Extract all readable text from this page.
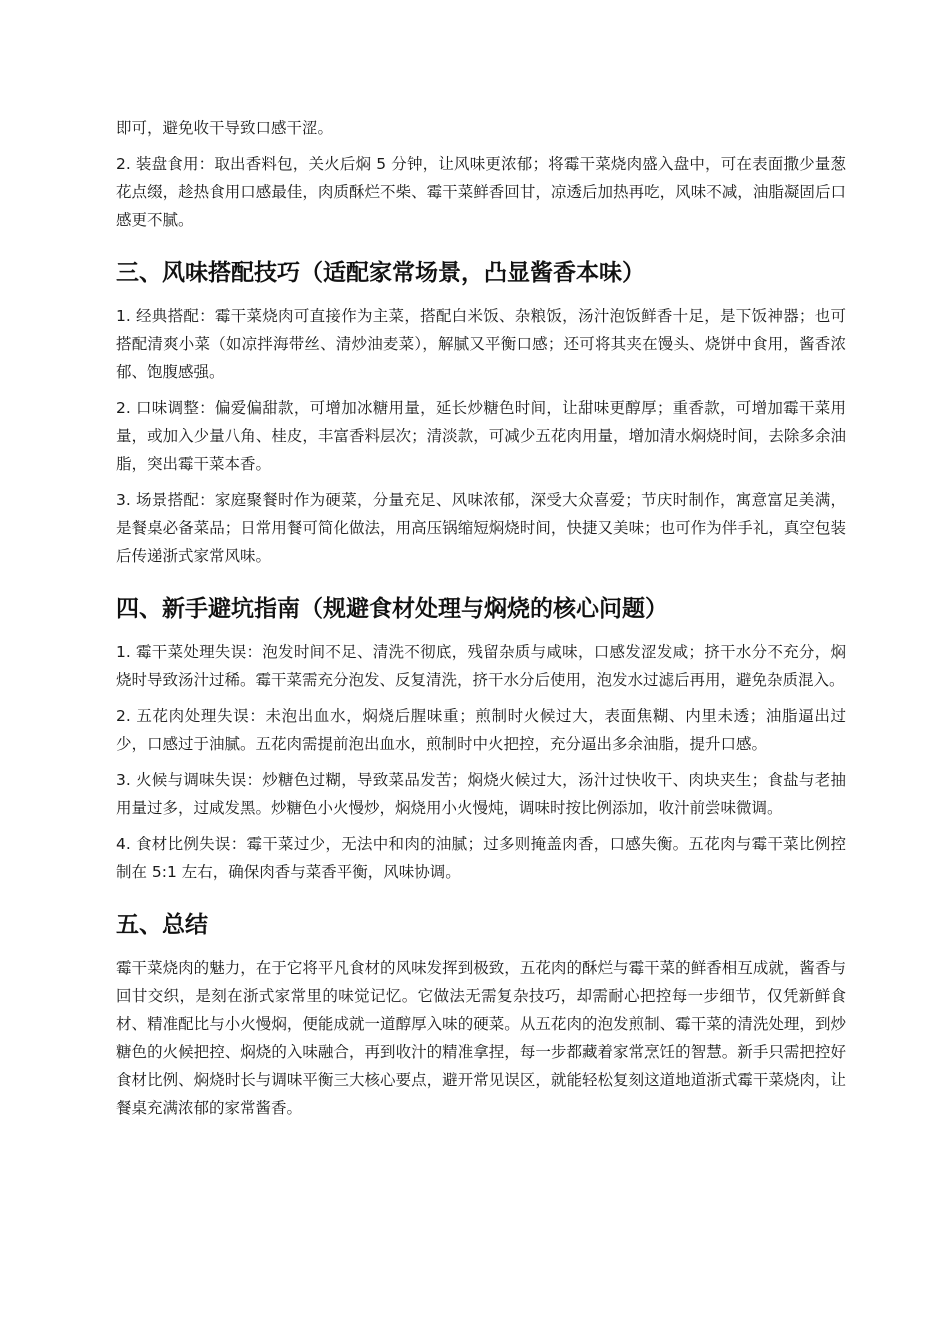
即可，避免收干导致口感干涩。

2. 装盘食用：取出香料包，关火后焖 5 分钟，让风味更浓郁；将霉干菜烧肉盛入盘中，可在表面撒少量葱花点缀，趁热食用口感最佳，肉质酥烂不柴、霉干菜鲜香回甘，凉透后加热再吃，风味不减，油脂凝固后口感更不腻。

三、风味搭配技巧（适配家常场景，凸显酱香本味）

1. 经典搭配：霉干菜烧肉可直接作为主菜，搭配白米饭、杂粮饭，汤汁泡饭鲜香十足，是下饭神器；也可搭配清爽小菜（如凉拌海带丝、清炒油麦菜），解腻又平衡口感；还可将其夹在馒头、烧饼中食用，酱香浓郁、饱腹感强。

2. 口味调整：偏爱偏甜款，可增加冰糖用量，延长炒糖色时间，让甜味更醇厚；重香款，可增加霉干菜用量，或加入少量八角、桂皮，丰富香料层次；清淡款，可减少五花肉用量，增加清水焖烧时间，去除多余油脂，突出霉干菜本香。

3. 场景搭配：家庭聚餐时作为硬菜，分量充足、风味浓郁，深受大众喜爱；节庆时制作，寓意富足美满，是餐桌必备菜品；日常用餐可简化做法，用高压锅缩短焖烧时间，快捷又美味；也可作为伴手礼，真空包装后传递浙式家常风味。

四、新手避坑指南（规避食材处理与焖烧的核心问题）

1. 霉干菜处理失误：泡发时间不足、清洗不彻底，残留杂质与咸味，口感发涩发咸；挤干水分不充分，焖烧时导致汤汁过稀。霉干菜需充分泡发、反复清洗，挤干水分后使用，泡发水过滤后再用，避免杂质混入。

2. 五花肉处理失误：未泡出血水，焖烧后腥味重；煎制时火候过大，表面焦糊、内里未透；油脂逼出过少，口感过于油腻。五花肉需提前泡出血水，煎制时中火把控，充分逼出多余油脂，提升口感。

3. 火候与调味失误：炒糖色过糊，导致菜品发苦；焖烧火候过大，汤汁过快收干、肉块夹生；食盐与老抽用量过多，过咸发黑。炒糖色小火慢炒，焖烧用小火慢炖，调味时按比例添加，收汁前尝味微调。

4. 食材比例失误：霉干菜过少，无法中和肉的油腻；过多则掩盖肉香，口感失衡。五花肉与霉干菜比例控制在 5:1 左右，确保肉香与菜香平衡，风味协调。

五、总结

霉干菜烧肉的魅力，在于它将平凡食材的风味发挥到极致，五花肉的酥烂与霉干菜的鲜香相互成就，酱香与回甘交织，是刻在浙式家常里的味觉记忆。它做法无需复杂技巧，却需耐心把控每一步细节，仅凭新鲜食材、精准配比与小火慢焖，便能成就一道醇厚入味的硬菜。从五花肉的泡发煎制、霉干菜的清洗处理，到炒糖色的火候把控、焖烧的入味融合，再到收汁的精准拿捏，每一步都藏着家常烹饪的智慧。新手只需把控好食材比例、焖烧时长与调味平衡三大核心要点，避开常见误区，就能轻松复刻这道地道浙式霉干菜烧肉，让餐桌充满浓郁的家常酱香。
